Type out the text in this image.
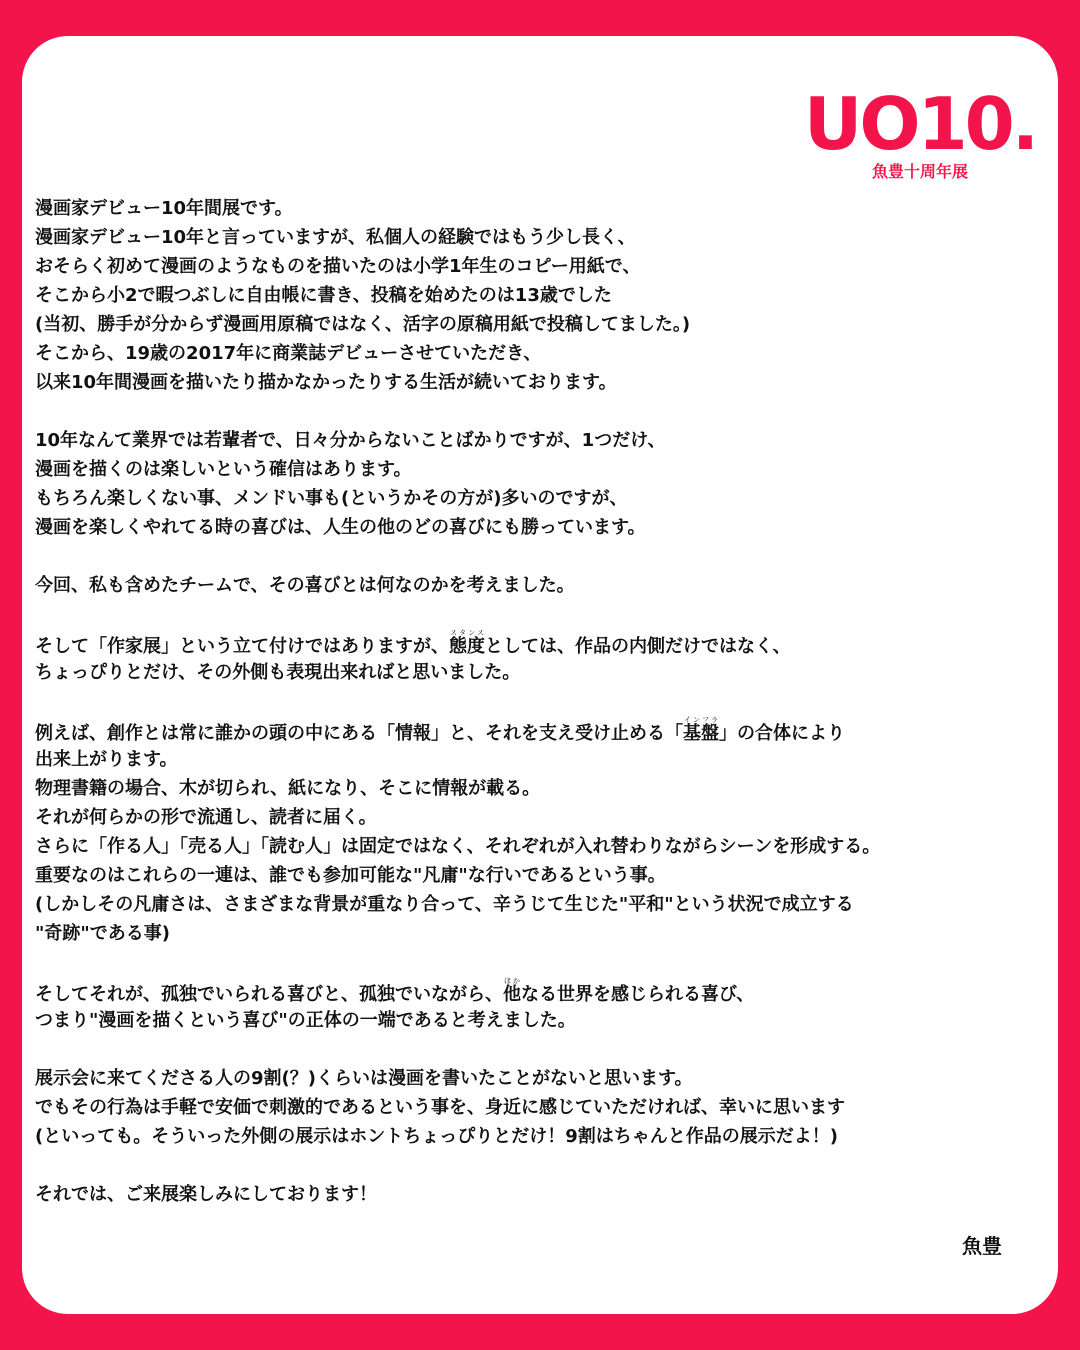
UO10.
魚豊十周年展
漫画家デビュー10年間展です。
漫画家デビュー10年と言っていますが、私個人の経験ではもう少し長く、
おそらく初めて漫画のようなものを描いたのは小学1年生のコピー用紙で、
そこから小2で暇つぶしに自由帳に書き、投稿を始めたのは13歳でした
(当初、勝手が分からず漫画用原稿ではなく、活字の原稿用紙で投稿してました。)
そこから、19歳の2017年に商業誌デビューさせていただき、
以来10年間漫画を描いたり描かなかったりする生活が続いております。
10年なんて業界では若輩者で、日々分からないことばかりですが、1つだけ、
漫画を描くのは楽しいという確信はあります。
もちろん楽しくない事、メンドい事も(というかその方が)多いのですが、
漫画を楽しくやれてる時の喜びは、人生の他のどの喜びにも勝っています。
今回、私も含めたチームで、その喜びとは何なのかを考えました。
そして「作家展」という立て付けではありますが、態度スタンスとしては、作品の内側だけではなく、
ちょっぴりとだけ、その外側も表現出来ればと思いました。
例えば、創作とは常に誰かの頭の中にある「情報」と、それを支え受け止める「基盤インフラ」の合体により
出来上がります。
物理書籍の場合、木が切られ、紙になり、そこに情報が載る。
それが何らかの形で流通し、読者に届く。
さらに「作る人」「売る人」「読む人」は固定ではなく、それぞれが入れ替わりながらシーンを形成する。
重要なのはこれらの一連は、誰でも参加可能な"凡庸"な行いであるという事。
(しかしその凡庸さは、さまざまな背景が重なり合って、辛うじて生じた"平和"という状況で成立する
"奇跡"である事)
そしてそれが、孤独でいられる喜びと、孤独でいながら、他ほかなる世界を感じられる喜び、
つまり"漫画を描くという喜び"の正体の一端であると考えました。
展示会に来てくださる人の9割(？)くらいは漫画を書いたことがないと思います。
でもその行為は手軽で安価で刺激的であるという事を、身近に感じていただければ、幸いに思います
(といっても。そういった外側の展示はホントちょっぴりとだけ！9割はちゃんと作品の展示だよ！)
それでは、ご来展楽しみにしております！
魚豊
